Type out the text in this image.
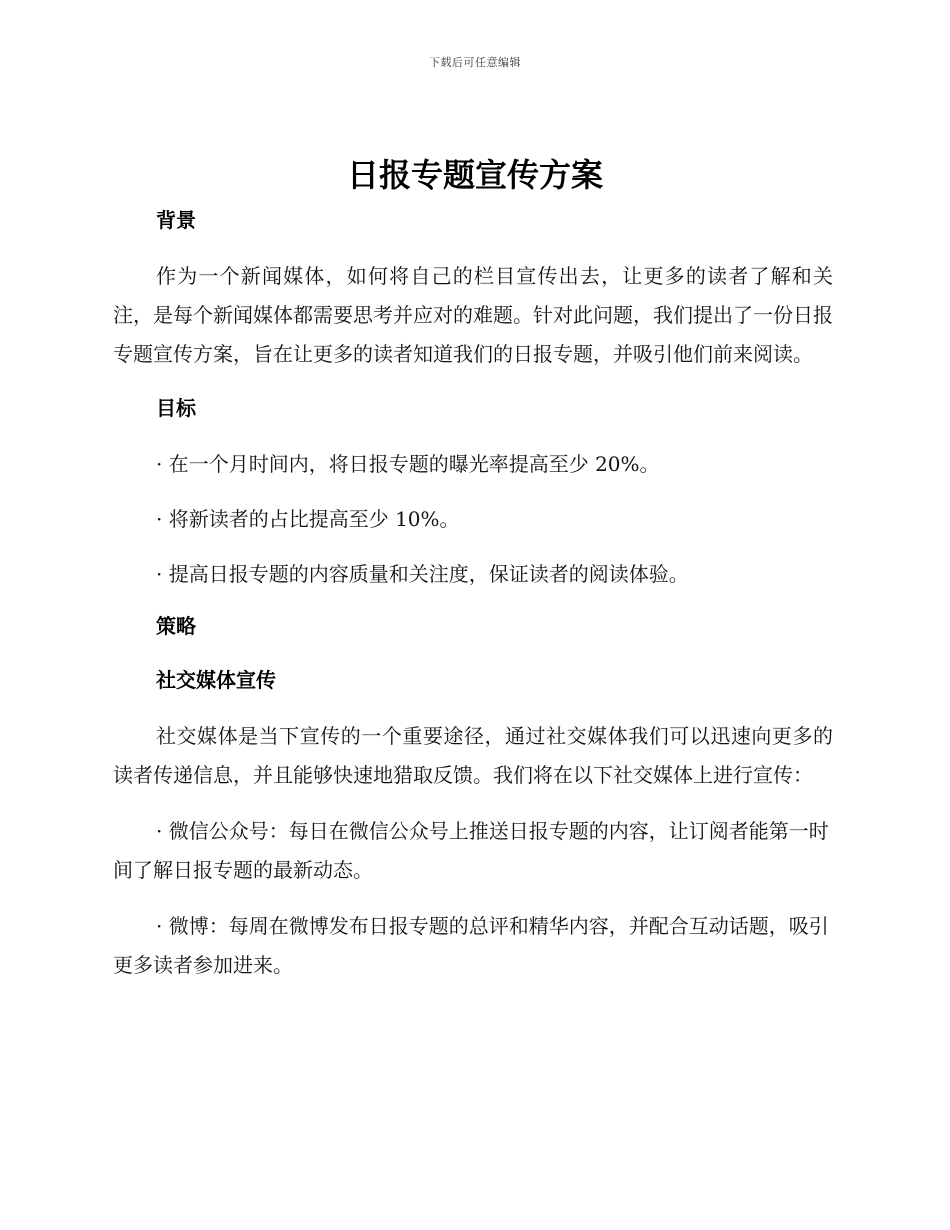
下载后可任意编辑
日报专题宣传方案
背景

作为一个新闻媒体，如何将自己的栏目宣传出去，让更多的读者了解和关注，是每个新闻媒体都需要思考并应对的难题。针对此问题，我们提出了一份日报专题宣传方案，旨在让更多的读者知道我们的日报专题，并吸引他们前来阅读。

目标

· 在一个月时间内，将日报专题的曝光率提高至少 20%。

· 将新读者的占比提高至少 10%。

· 提高日报专题的内容质量和关注度，保证读者的阅读体验。

策略
社交媒体宣传

社交媒体是当下宣传的一个重要途径，通过社交媒体我们可以迅速向更多的读者传递信息，并且能够快速地猎取反馈。我们将在以下社交媒体上进行宣传：

· 微信公众号：每日在微信公众号上推送日报专题的内容，让订阅者能第一时间了解日报专题的最新动态。

· 微博：每周在微博发布日报专题的总评和精华内容，并配合互动话题，吸引更多读者参加进来。
